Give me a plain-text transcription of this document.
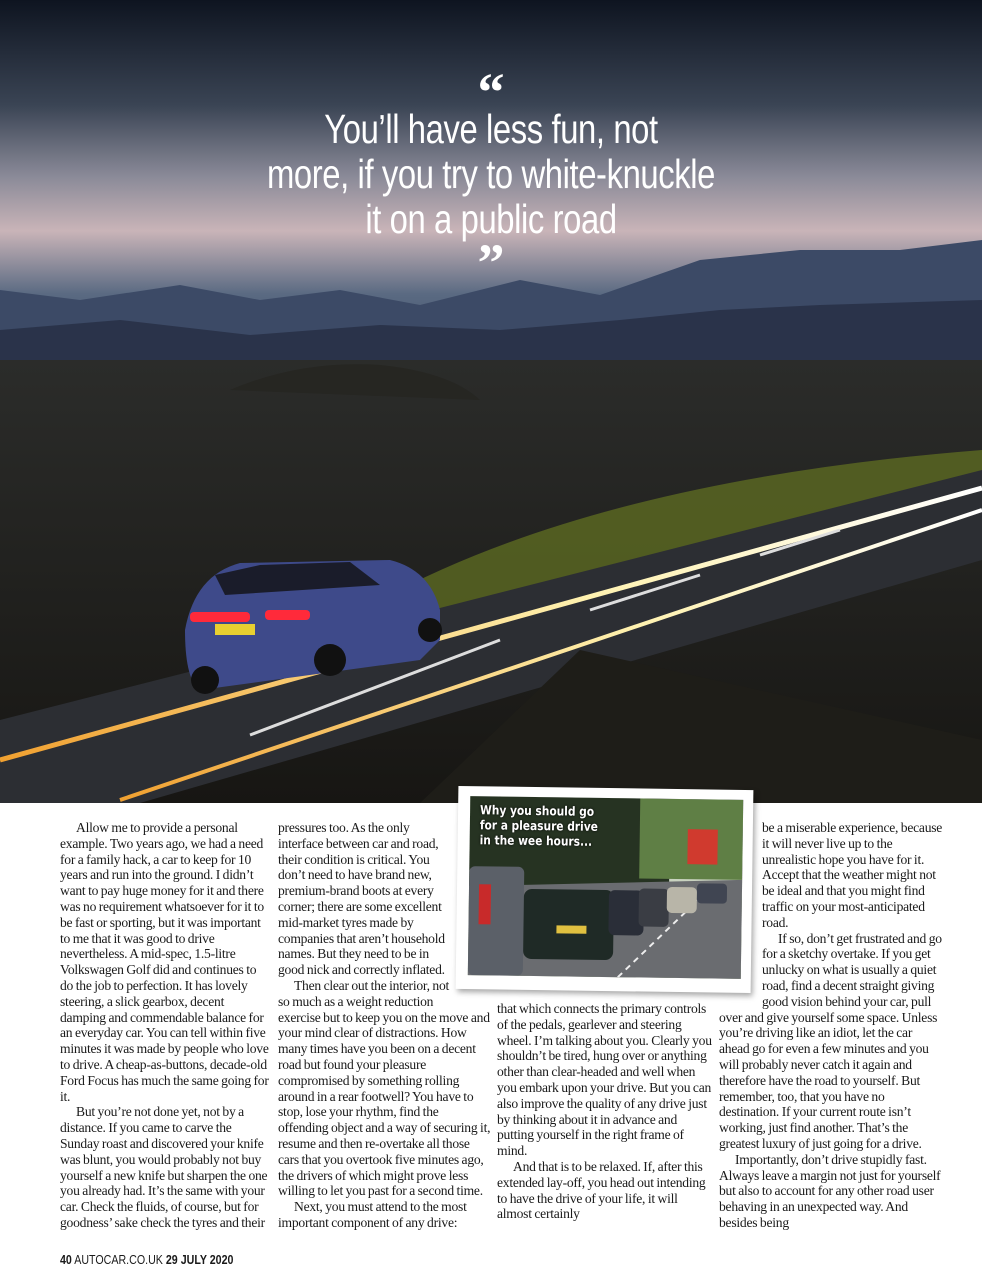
“
You’ll have less fun, not
more, if you try to white-knuckle
it on a public road
”

Allow me to provide a personal example. Two years ago, we had a need for a family hack, a car to keep for 10 years and run into the ground. I didn’t want to pay huge money for it and there was no requirement whatsoever for it to be fast or sporting, but it was important to me that it was good to drive nevertheless. A mid-spec, 1.5-litre Volkswagen Golf did and continues to do the job to perfection. It has lovely steering, a slick gearbox, decent damping and commendable balance for an everyday car. You can tell within five minutes it was made by people who love to drive. A cheap-as-buttons, decade-old Ford Focus has much the same going for it.

But you’re not done yet, not by a distance. If you came to carve the Sunday roast and discovered your knife was blunt, you would probably not buy yourself a new knife but sharpen the one you already had. It’s the same with your car. Check the fluids, of course, but for goodness’ sake check the tyres and their

pressures too. As the only interface between car and road, their condition is critical. You don’t need to have brand new, premium-brand boots at every corner; there are some excellent mid-market tyres made by companies that aren’t household names. But they need to be in good nick and correctly inflated.

Then clear out the interior, not so much as a weight reduction exercise but to keep you on the move and your mind clear of distractions. How many times have you been on a decent road but found your pleasure compromised by something rolling around in a rear footwell? You have to stop, lose your rhythm, find the offending object and a way of securing it, resume and then re-overtake all those cars that you overtook five minutes ago, the drivers of which might prove less willing to let you past for a second time.

Next, you must attend to the most important component of any drive:

that which connects the primary controls of the pedals, gearlever and steering wheel. I’m talking about you. Clearly you shouldn’t be tired, hung over or anything other than clear-headed and well when you embark upon your drive. But you can also improve the quality of any drive just by thinking about it in advance and putting yourself in the right frame of mind.

And that is to be relaxed. If, after this extended lay-off, you head out intending to have the drive of your life, it will almost certainly

be a miserable experience, because it will never live up to the unrealistic hope you have for it. Accept that the weather might not be ideal and that you might find traffic on your most-anticipated road.

If so, don’t get frustrated and go for a sketchy overtake. If you get unlucky on what is usually a quiet road, find a decent straight giving good vision behind your car, pull over and give yourself some space. Unless you’re driving like an idiot, let the car ahead go for even a few minutes and you will probably never catch it again and therefore have the road to yourself. But remember, too, that you have no destination. If your current route isn’t working, just find another. That’s the greatest luxury of just going for a drive.

Importantly, don’t drive stupidly fast. Always leave a margin not just for yourself but also to account for any other road user behaving in an unexpected way. And besides being

Why you should go
for a pleasure drive
in the wee hours...
40 AUTOCAR.CO.UK 29 JULY 2020
